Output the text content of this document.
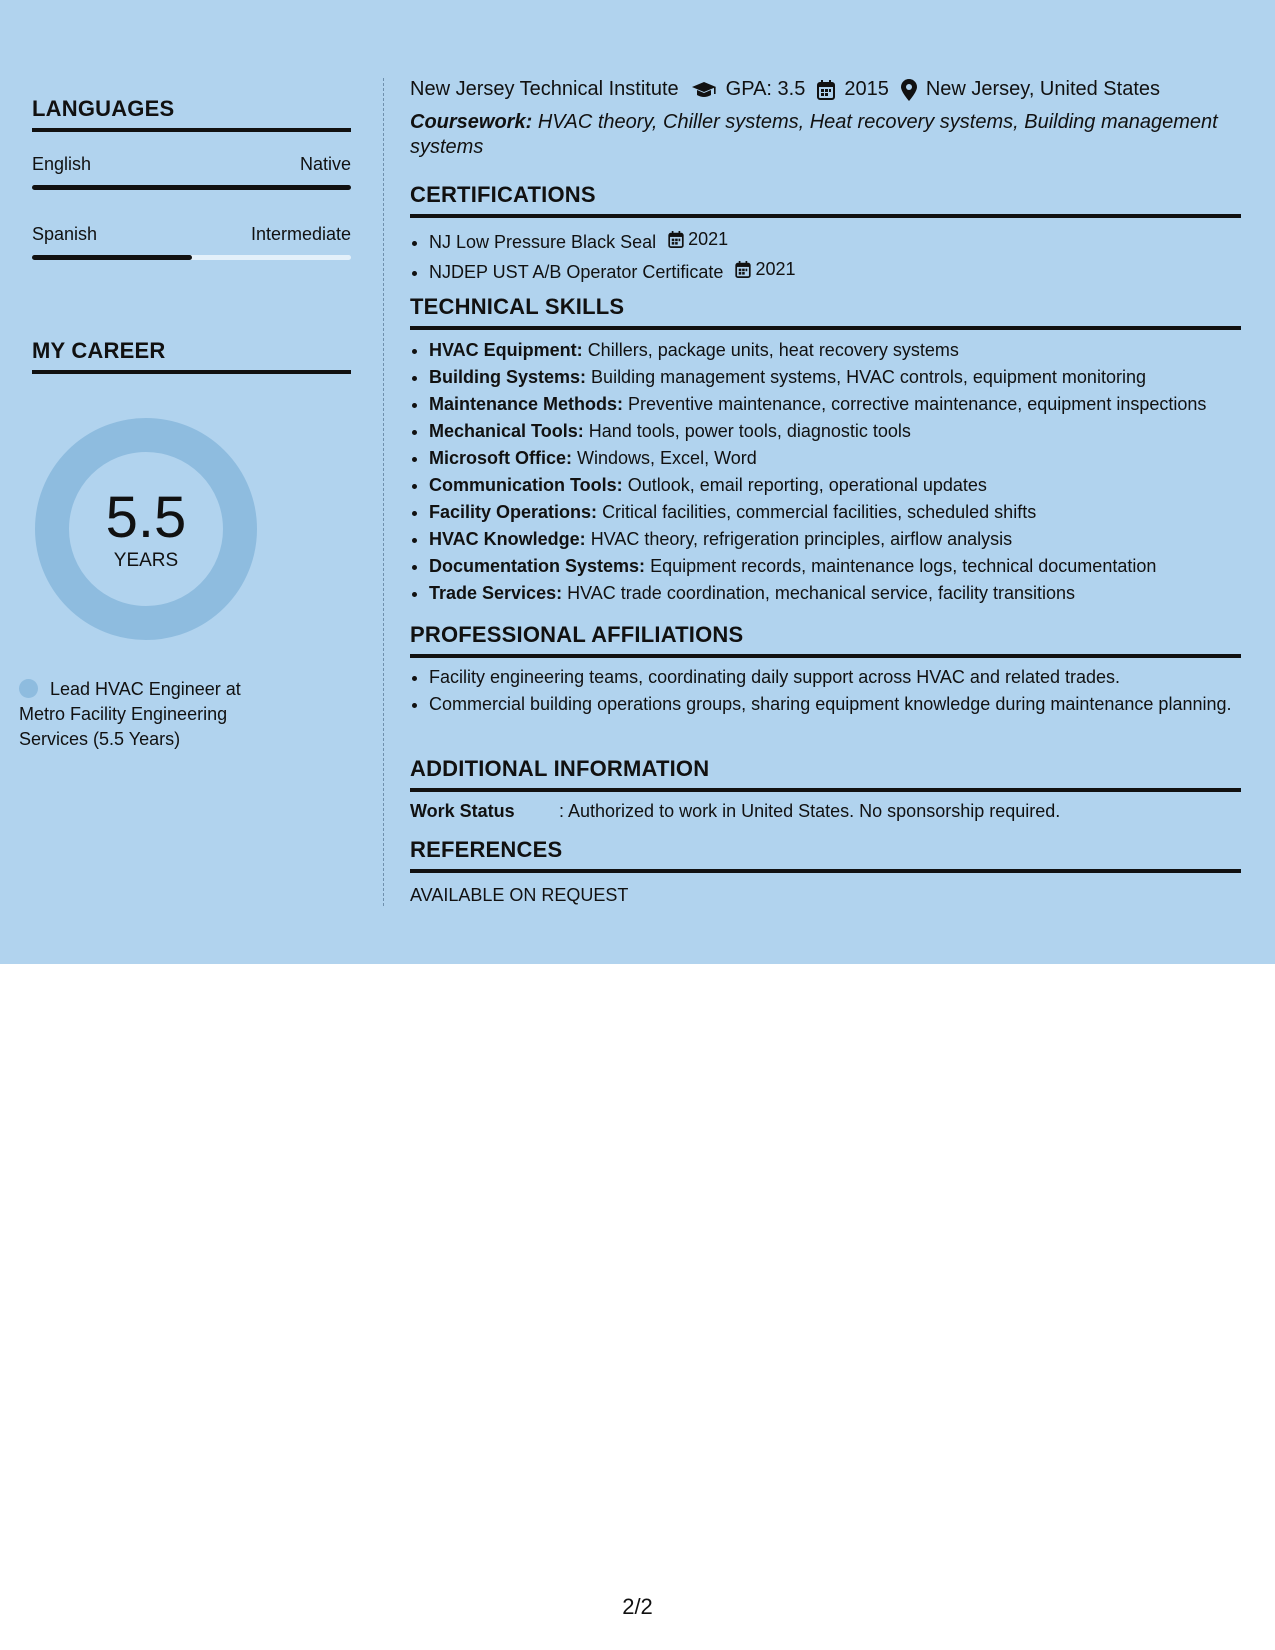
LANGUAGES
English	Native
Spanish	Intermediate
MY CAREER
5.5
YEARS
Lead HVAC Engineer at Metro Facility Engineering Services (5.5 Years)
New Jersey Technical Institute GPA: 3.5 2015 New Jersey, United States
Coursework: HVAC theory, Chiller systems, Heat recovery systems, Building management systems
CERTIFICATIONS
• NJ Low Pressure Black Seal 2021
• NJDEP UST A/B Operator Certificate 2021
TECHNICAL SKILLS
• HVAC Equipment: Chillers, package units, heat recovery systems
• Building Systems: Building management systems, HVAC controls, equipment monitoring
• Maintenance Methods: Preventive maintenance, corrective maintenance, equipment inspections
• Mechanical Tools: Hand tools, power tools, diagnostic tools
• Microsoft Office: Windows, Excel, Word
• Communication Tools: Outlook, email reporting, operational updates
• Facility Operations: Critical facilities, commercial facilities, scheduled shifts
• HVAC Knowledge: HVAC theory, refrigeration principles, airflow analysis
• Documentation Systems: Equipment records, maintenance logs, technical documentation
• Trade Services: HVAC trade coordination, mechanical service, facility transitions
PROFESSIONAL AFFILIATIONS
• Facility engineering teams, coordinating daily support across HVAC and related trades.
• Commercial building operations groups, sharing equipment knowledge during maintenance planning.
ADDITIONAL INFORMATION
Work Status : Authorized to work in United States. No sponsorship required.
REFERENCES
AVAILABLE ON REQUEST
2/2
